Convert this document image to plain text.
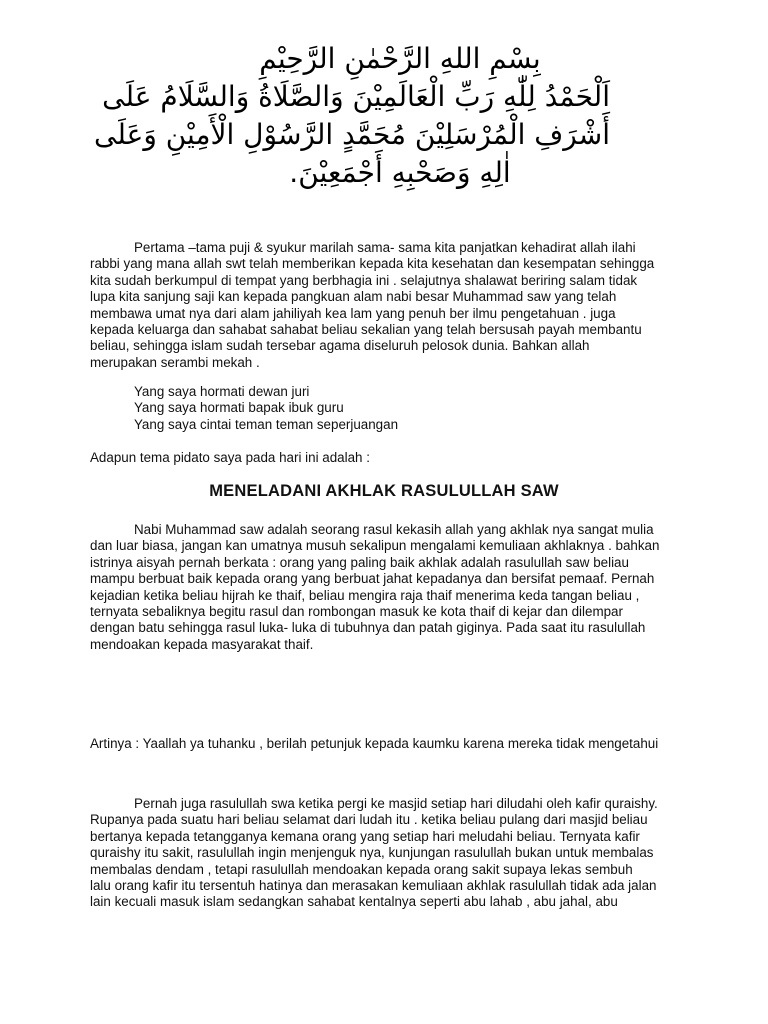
بِسْمِ اللهِ الرَّحْمٰنِ الرَّحِيْمِ
اَلْحَمْدُ لِلّٰهِ رَبِّ الْعَالَمِيْنَ وَالصَّلَاةُ وَالسَّلَامُ عَلَى
أَشْرَفِ الْمُرْسَلِيْنَ مُحَمَّدٍ الرَّسُوْلِ الْأَمِيْنِ وَعَلَى
اٰلِهِ وَصَحْبِهِ أَجْمَعِيْنَ.
Pertama –tama puji & syukur marilah sama- sama kita panjatkan kehadirat allah ilahi
rabbi yang mana allah swt telah memberikan kepada kita kesehatan dan kesempatan sehingga
kita sudah berkumpul di tempat yang berbhagia ini . selajutnya shalawat beriring salam tidak
lupa kita sanjung saji kan kepada pangkuan alam nabi besar Muhammad saw yang telah
membawa umat nya dari alam jahiliyah kea lam yang penuh ber ilmu pengetahuan . juga
kepada keluarga dan sahabat sahabat beliau sekalian yang telah bersusah payah membantu
beliau, sehingga islam sudah tersebar agama diseluruh pelosok dunia. Bahkan allah
merupakan serambi mekah .
Yang saya hormati dewan juri
Yang saya hormati bapak ibuk guru
Yang saya cintai teman teman seperjuangan
Adapun tema pidato saya pada hari ini adalah :
MENELADANI AKHLAK RASULULLAH SAW
Nabi Muhammad saw adalah seorang rasul kekasih allah yang akhlak nya sangat mulia
dan luar biasa, jangan kan umatnya musuh sekalipun mengalami kemuliaan akhlaknya . bahkan
istrinya aisyah pernah berkata : orang yang paling baik akhlak adalah rasulullah saw beliau
mampu berbuat baik kepada orang yang berbuat jahat kepadanya dan bersifat pemaaf. Pernah
kejadian ketika beliau hijrah ke thaif, beliau mengira raja thaif menerima keda tangan beliau ,
ternyata sebaliknya begitu rasul dan rombongan masuk ke kota thaif di kejar dan dilempar
dengan batu sehingga rasul luka- luka di tubuhnya dan patah giginya. Pada saat itu rasulullah
mendoakan kepada masyarakat thaif.
Artinya : Yaallah ya tuhanku , berilah petunjuk kepada kaumku karena mereka tidak mengetahui
Pernah juga rasulullah swa ketika pergi ke masjid setiap hari diludahi oleh kafir quraishy.
Rupanya pada suatu hari beliau selamat dari ludah itu . ketika beliau pulang dari masjid beliau
bertanya kepada tetangganya kemana orang yang setiap hari meludahi beliau. Ternyata kafir
quraishy itu sakit, rasulullah ingin menjenguk nya, kunjungan rasulullah bukan untuk membalas
membalas dendam , tetapi rasulullah mendoakan kepada orang sakit supaya lekas sembuh
lalu orang kafir itu tersentuh hatinya dan merasakan kemuliaan akhlak rasulullah tidak ada jalan
lain kecuali masuk islam sedangkan sahabat kentalnya seperti abu lahab , abu jahal, abu
